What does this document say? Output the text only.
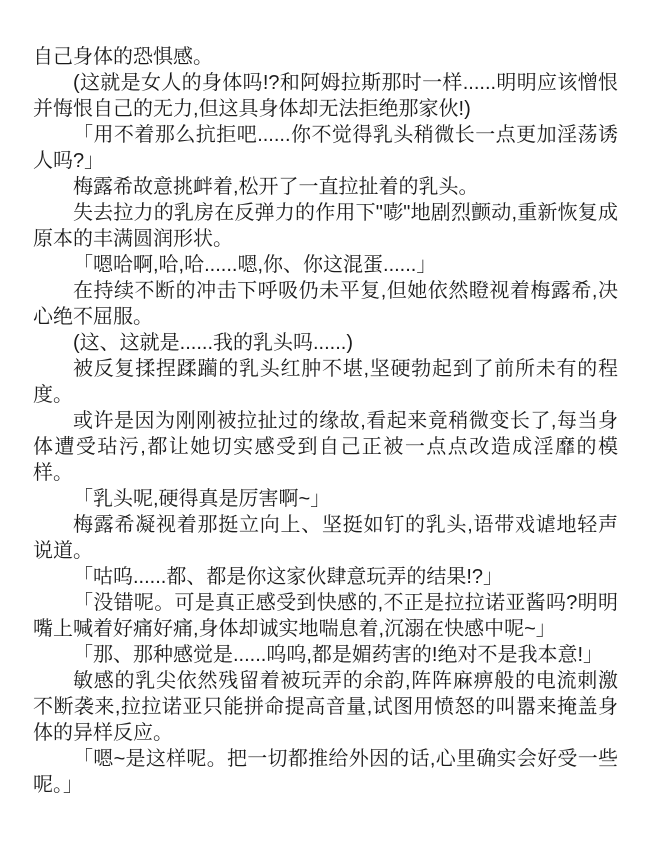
自己身体的恐惧感。

(这就是女人的身体吗!?和阿姆拉斯那时一样......明明应该憎恨并悔恨自己的无力,但这具身体却无法拒绝那家伙!)

「用不着那么抗拒吧......你不觉得乳头稍微长一点更加淫荡诱人吗?」

梅露希故意挑衅着,松开了一直拉扯着的乳头。

失去拉力的乳房在反弹力的作用下"嘭"地剧烈颤动,重新恢复成原本的丰满圆润形状。

「嗯哈啊,哈,哈......嗯,你、你这混蛋......」

在持续不断的冲击下呼吸仍未平复,但她依然瞪视着梅露希,决心绝不屈服。

(这、这就是......我的乳头吗......)

被反复揉捏蹂躏的乳头红肿不堪,坚硬勃起到了前所未有的程度。

或许是因为刚刚被拉扯过的缘故,看起来竟稍微变长了,每当身体遭受玷污,都让她切实感受到自己正被一点点改造成淫靡的模样。

「乳头呢,硬得真是厉害啊~」

梅露希凝视着那挺立向上、坚挺如钉的乳头,语带戏谑地轻声说道。

「咕呜......都、都是你这家伙肆意玩弄的结果!?」

「没错呢。可是真正感受到快感的,不正是拉拉诺亚酱吗?明明嘴上喊着好痛好痛,身体却诚实地喘息着,沉溺在快感中呢~」

「那、那种感觉是......呜呜,都是媚药害的!绝对不是我本意!」

敏感的乳尖依然残留着被玩弄的余韵,阵阵麻痹般的电流刺激不断袭来,拉拉诺亚只能拼命提高音量,试图用愤怒的叫嚣来掩盖身体的异样反应。

「嗯~是这样呢。把一切都推给外因的话,心里确实会好受一些呢。」
